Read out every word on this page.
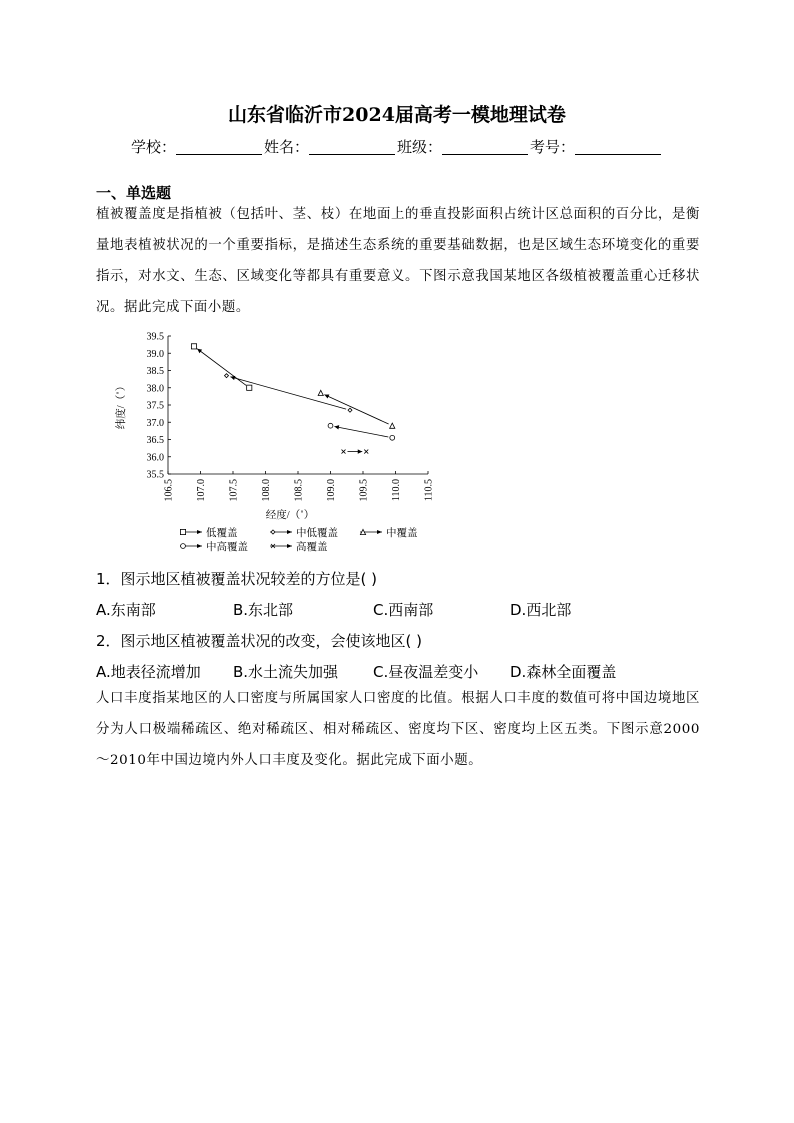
山东省临沂市2024届高考一模地理试卷
学校：	姓名：	班级：	考号：
一、单选题
植被覆盖度是指植被（包括叶、茎、枝）在地面上的垂直投影面积占统计区总面积的百分比，是衡量地表植被状况的一个重要指标，是描述生态系统的重要基础数据，也是区域生态环境变化的重要指示，对水文、生态、区域变化等都具有重要意义。下图示意我国某地区各级植被覆盖重心迁移状况。据此完成下面小题。
35.5
36.0
36.5
37.0
37.5
38.0
38.5
39.0
39.5
106.5 107.0 107.5 108.0 108.5 109.0 109.5 110.0 110.5
纬度/（˚）
经度/（˚）
低覆盖	中低覆盖	中覆盖
中高覆盖	高覆盖
1．图示地区植被覆盖状况较差的方位是( )
A.东南部	B.东北部	C.西南部	D.西北部
2．图示地区植被覆盖状况的改变，会使该地区( )
A.地表径流增加 B.水土流失加强 C.昼夜温差变小 D.森林全面覆盖
人口丰度指某地区的人口密度与所属国家人口密度的比值。根据人口丰度的数值可将中国边境地区分为人口极端稀疏区、绝对稀疏区、相对稀疏区、密度均下区、密度均上区五类。下图示意2000～2010年中国边境内外人口丰度及变化。据此完成下面小题。
